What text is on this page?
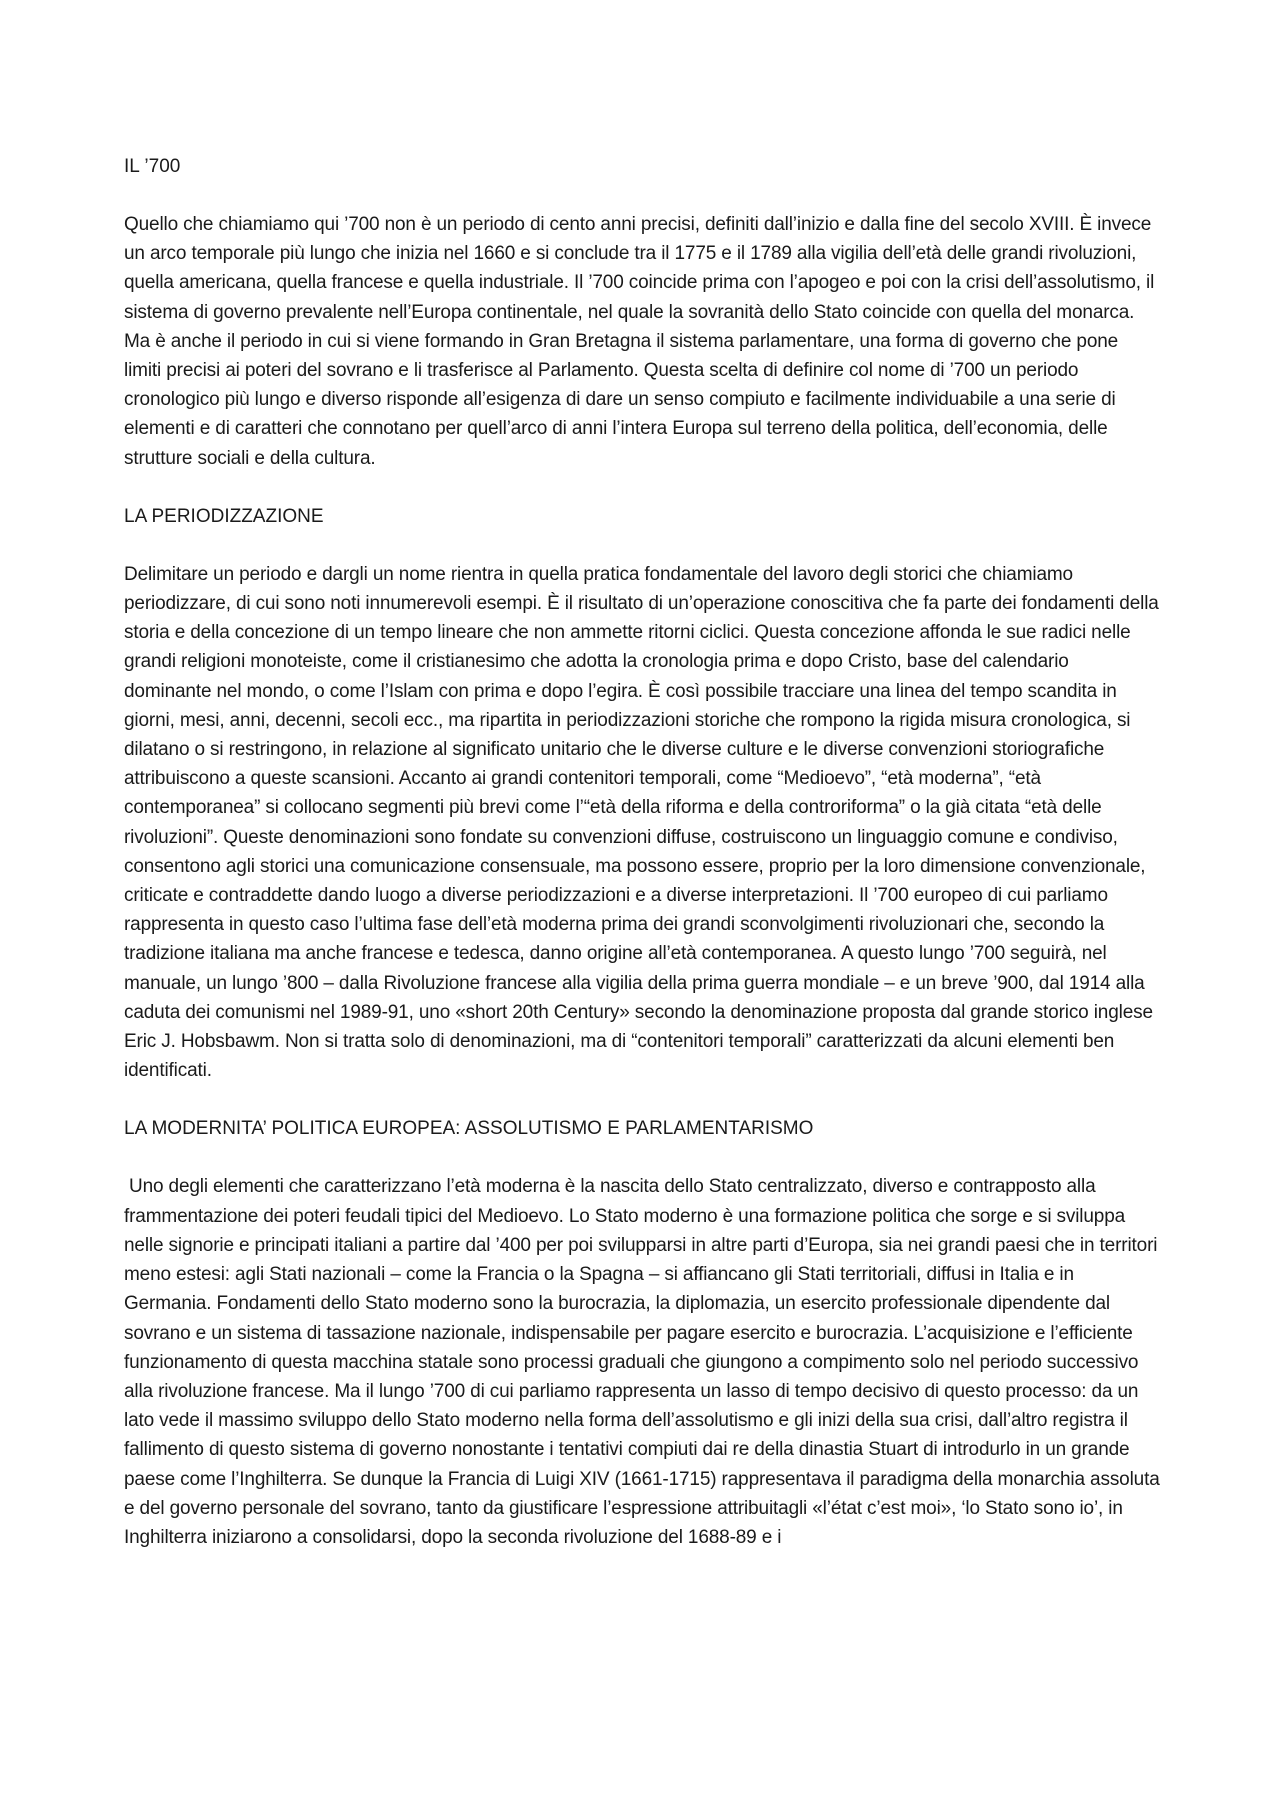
IL ’700

Quello che chiamiamo qui ’700 non è un periodo di cento anni precisi, definiti dall’inizio e dalla fine del secolo XVIII. È invece un arco temporale più lungo che inizia nel 1660 e si conclude tra il 1775 e il 1789 alla vigilia dell’età delle grandi rivoluzioni, quella americana, quella francese e quella industriale. Il ’700 coincide prima con l’apogeo e poi con la crisi dell’assolutismo, il sistema di governo prevalente nell’Europa continentale, nel quale la sovranità dello Stato coincide con quella del monarca. Ma è anche il periodo in cui si viene formando in Gran Bretagna il sistema parlamentare, una forma di governo che pone limiti precisi ai poteri del sovrano e li trasferisce al Parlamento. Questa scelta di definire col nome di ’700 un periodo cronologico più lungo e diverso risponde all’esigenza di dare un senso compiuto e facilmente individuabile a una serie di elementi e di caratteri che connotano per quell’arco di anni l’intera Europa sul terreno della politica, dell’economia, delle strutture sociali e della cultura.

LA PERIODIZZAZIONE

Delimitare un periodo e dargli un nome rientra in quella pratica fondamentale del lavoro degli storici che chiamiamo periodizzare, di cui sono noti innumerevoli esempi. È il risultato di un’operazione conoscitiva che fa parte dei fondamenti della storia e della concezione di un tempo lineare che non ammette ritorni ciclici. Questa concezione affonda le sue radici nelle grandi religioni monoteiste, come il cristianesimo che adotta la cronologia prima e dopo Cristo, base del calendario dominante nel mondo, o come l’Islam con prima e dopo l’egira. È così possibile tracciare una linea del tempo scandita in giorni, mesi, anni, decenni, secoli ecc., ma ripartita in periodizzazioni storiche che rompono la rigida misura cronologica, si dilatano o si restringono, in relazione al significato unitario che le diverse culture e le diverse convenzioni storiografiche attribuiscono a queste scansioni. Accanto ai grandi contenitori temporali, come “Medioevo”, “età moderna”, “età contemporanea” si collocano segmenti più brevi come l’“età della riforma e della controriforma” o la già citata “età delle rivoluzioni”. Queste denominazioni sono fondate su convenzioni diffuse, costruiscono un linguaggio comune e condiviso, consentono agli storici una comunicazione consensuale, ma possono essere, proprio per la loro dimensione convenzionale, criticate e contraddette dando luogo a diverse periodizzazioni e a diverse interpretazioni. Il ’700 europeo di cui parliamo rappresenta in questo caso l’ultima fase dell’età moderna prima dei grandi sconvolgimenti rivoluzionari che, secondo la tradizione italiana ma anche francese e tedesca, danno origine all’età contemporanea. A questo lungo ’700 seguirà, nel manuale, un lungo ’800 – dalla Rivoluzione francese alla vigilia della prima guerra mondiale – e un breve ’900, dal 1914 alla caduta dei comunismi nel 1989-91, uno «short 20th Century» secondo la denominazione proposta dal grande storico inglese Eric J. Hobsbawm. Non si tratta solo di denominazioni, ma di “contenitori temporali” caratterizzati da alcuni elementi ben identificati.

LA MODERNITA’ POLITICA EUROPEA: ASSOLUTISMO E PARLAMENTARISMO

Uno degli elementi che caratterizzano l’età moderna è la nascita dello Stato centralizzato, diverso e contrapposto alla frammentazione dei poteri feudali tipici del Medioevo. Lo Stato moderno è una formazione politica che sorge e si sviluppa nelle signorie e principati italiani a partire dal ’400 per poi svilupparsi in altre parti d’Europa, sia nei grandi paesi che in territori meno estesi: agli Stati nazionali – come la Francia o la Spagna – si affiancano gli Stati territoriali, diffusi in Italia e in Germania. Fondamenti dello Stato moderno sono la burocrazia, la diplomazia, un esercito professionale dipendente dal sovrano e un sistema di tassazione nazionale, indispensabile per pagare esercito e burocrazia. L’acquisizione e l’efficiente funzionamento di questa macchina statale sono processi graduali che giungono a compimento solo nel periodo successivo alla rivoluzione francese. Ma il lungo ’700 di cui parliamo rappresenta un lasso di tempo decisivo di questo processo: da un lato vede il massimo sviluppo dello Stato moderno nella forma dell’assolutismo e gli inizi della sua crisi, dall’altro registra il fallimento di questo sistema di governo nonostante i tentativi compiuti dai re della dinastia Stuart di introdurlo in un grande paese come l’Inghilterra. Se dunque la Francia di Luigi XIV (1661-1715) rappresentava il paradigma della monarchia assoluta e del governo personale del sovrano, tanto da giustificare l’espressione attribuitagli «l’état c’est moi», ‘lo Stato sono io’, in Inghilterra iniziarono a consolidarsi, dopo la seconda rivoluzione del 1688-89 e i
